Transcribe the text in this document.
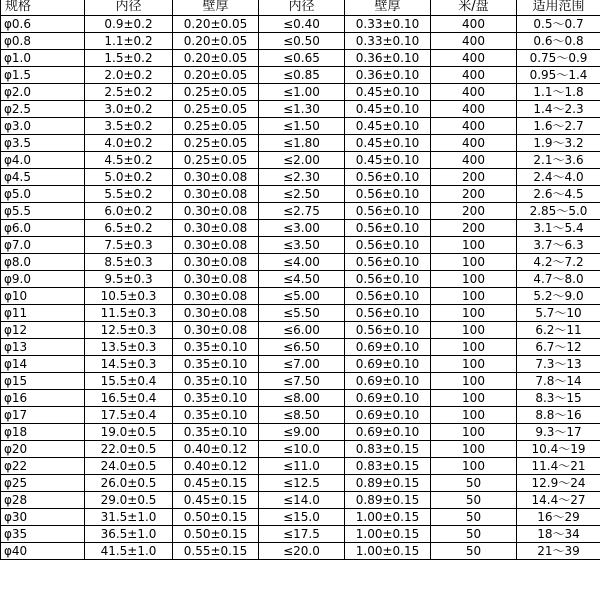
规格	内径	壁厚	内径	壁厚	米/盘	适用范围
φ0.6	0.9±0.2	0.20±0.05	≤0.40	0.33±0.10	400	0.5～0.7
φ0.8	1.1±0.2	0.20±0.05	≤0.50	0.33±0.10	400	0.6～0.8
φ1.0	1.5±0.2	0.20±0.05	≤0.65	0.36±0.10	400	0.75～0.9
φ1.5	2.0±0.2	0.20±0.05	≤0.85	0.36±0.10	400	0.95～1.4
φ2.0	2.5±0.2	0.25±0.05	≤1.00	0.45±0.10	400	1.1～1.8
φ2.5	3.0±0.2	0.25±0.05	≤1.30	0.45±0.10	400	1.4～2.3
φ3.0	3.5±0.2	0.25±0.05	≤1.50	0.45±0.10	400	1.6～2.7
φ3.5	4.0±0.2	0.25±0.05	≤1.80	0.45±0.10	400	1.9～3.2
φ4.0	4.5±0.2	0.25±0.05	≤2.00	0.45±0.10	400	2.1～3.6
φ4.5	5.0±0.2	0.30±0.08	≤2.30	0.56±0.10	200	2.4～4.0
φ5.0	5.5±0.2	0.30±0.08	≤2.50	0.56±0.10	200	2.6～4.5
φ5.5	6.0±0.2	0.30±0.08	≤2.75	0.56±0.10	200	2.85～5.0
φ6.0	6.5±0.2	0.30±0.08	≤3.00	0.56±0.10	200	3.1～5.4
φ7.0	7.5±0.3	0.30±0.08	≤3.50	0.56±0.10	100	3.7～6.3
φ8.0	8.5±0.3	0.30±0.08	≤4.00	0.56±0.10	100	4.2～7.2
φ9.0	9.5±0.3	0.30±0.08	≤4.50	0.56±0.10	100	4.7～8.0
φ10	10.5±0.3	0.30±0.08	≤5.00	0.56±0.10	100	5.2～9.0
φ11	11.5±0.3	0.30±0.08	≤5.50	0.56±0.10	100	5.7～10
φ12	12.5±0.3	0.30±0.08	≤6.00	0.56±0.10	100	6.2～11
φ13	13.5±0.3	0.35±0.10	≤6.50	0.69±0.10	100	6.7～12
φ14	14.5±0.3	0.35±0.10	≤7.00	0.69±0.10	100	7.3～13
φ15	15.5±0.4	0.35±0.10	≤7.50	0.69±0.10	100	7.8～14
φ16	16.5±0.4	0.35±0.10	≤8.00	0.69±0.10	100	8.3～15
φ17	17.5±0.4	0.35±0.10	≤8.50	0.69±0.10	100	8.8～16
φ18	19.0±0.5	0.35±0.10	≤9.00	0.69±0.10	100	9.3～17
φ20	22.0±0.5	0.40±0.12	≤10.0	0.83±0.15	100	10.4～19
φ22	24.0±0.5	0.40±0.12	≤11.0	0.83±0.15	100	11.4～21
φ25	26.0±0.5	0.45±0.15	≤12.5	0.89±0.15	50	12.9～24
φ28	29.0±0.5	0.45±0.15	≤14.0	0.89±0.15	50	14.4～27
φ30	31.5±1.0	0.50±0.15	≤15.0	1.00±0.15	50	16～29
φ35	36.5±1.0	0.50±0.15	≤17.5	1.00±0.15	50	18～34
φ40	41.5±1.0	0.55±0.15	≤20.0	1.00±0.15	50	21～39
